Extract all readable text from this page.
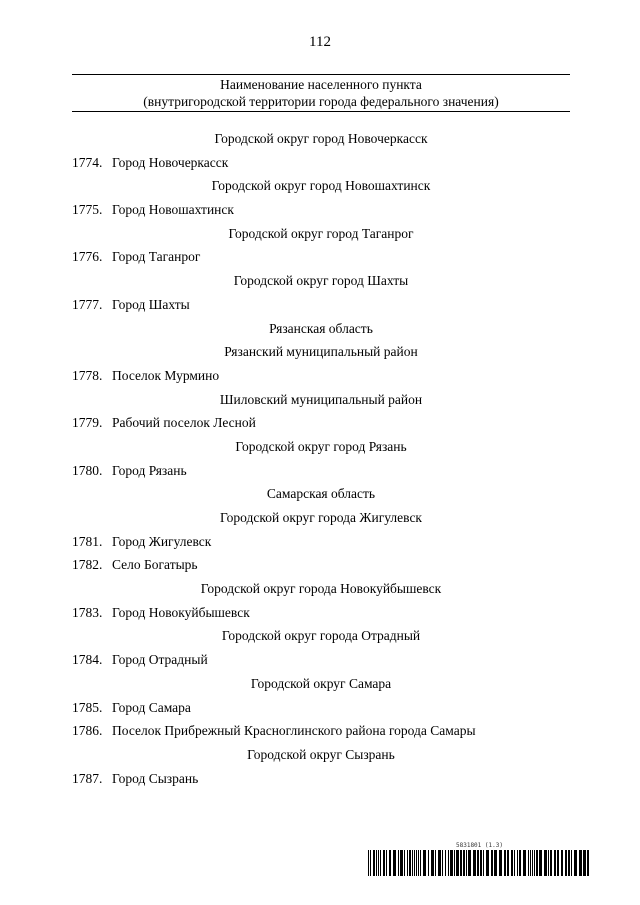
112
Наименование населенного пункта
(внутригородской территории города федерального значения)
Городской округ город Новочеркасск
1774. Город Новочеркасск
Городской округ город Новошахтинск
1775. Город Новошахтинск
Городской округ город Таганрог
1776. Город Таганрог
Городской округ город Шахты
1777. Город Шахты
Рязанская область
Рязанский муниципальный район
1778. Поселок Мурмино
Шиловский муниципальный район
1779. Рабочий поселок Лесной
Городской округ город Рязань
1780. Город Рязань
Самарская область
Городской округ города Жигулевск
1781. Город Жигулевск
1782. Село Богатырь
Городской округ города Новокуйбышевск
1783. Город Новокуйбышевск
Городской округ города Отрадный
1784. Город Отрадный
Городской округ Самара
1785. Город Самара
1786. Поселок Прибрежный Красноглинского района города Самары
Городской округ Сызрань
1787. Город Сызрань
5831801 (1.3)
